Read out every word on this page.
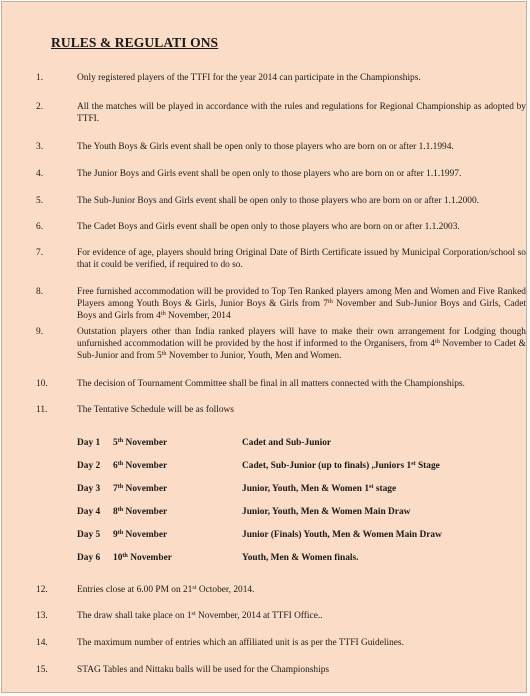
RULES & REGULATI ONS
1.	Only registered players of the TTFI for the year 2014 can participate in the Championships.
2.	All the matches will be played in accordance with the rules and regulations for Regional Championship as adopted by TTFI.
3.	The Youth Boys & Girls event shall be open only to those players who are born on or after 1.1.1994.
4.	The Junior Boys and Girls event shall be open only to those players who are born on or after 1.1.1997.
5.	The Sub-Junior Boys and Girls event shall be open only to those players who are born on or after 1.1.2000.
6.	The Cadet Boys and Girls event shall be open only to those players who are born on or after 1.1.2003.
7.	For evidence of age, players should bring Original Date of Birth Certificate issued by Municipal Corporation/school so that it could be verified, if required to do so.
8.	Free furnished accommodation will be provided to Top Ten Ranked players among Men and Women and Five Ranked Players among Youth Boys & Girls, Junior Boys & Girls from 7th November and Sub-Junior Boys and Girls, Cadet Boys and Girls from 4th November, 2014
9.	Outstation players other than India ranked players will have to make their own arrangement for Lodging though unfurnished accommodation will be provided by the host if informed to the Organisers, from 4th November to Cadet & Sub-Junior and from 5th November to Junior, Youth, Men and Women.
10.	The decision of Tournament Committee shall be final in all matters connected with the Championships.
11.	The Tentative Schedule will be as follows
Day 1 5th November	Cadet and Sub-Junior
Day 2 6th November	Cadet, Sub-Junior (up to finals) ,Juniors 1st Stage
Day 3 7th November	Junior, Youth, Men & Women 1st stage
Day 4 8th November	Junior, Youth, Men & Women Main Draw
Day 5 9th November	Junior (Finals) Youth, Men & Women Main Draw
Day 6 10th November	Youth, Men & Women finals.
12.	Entries close at 6.00 PM on 21st October, 2014.
13.	The draw shall take place on 1st November, 2014 at TTFI Office..
14.	The maximum number of entries which an affiliated unit is as per the TTFI Guidelines.
15.	STAG Tables and Nittaku balls will be used for the Championships
